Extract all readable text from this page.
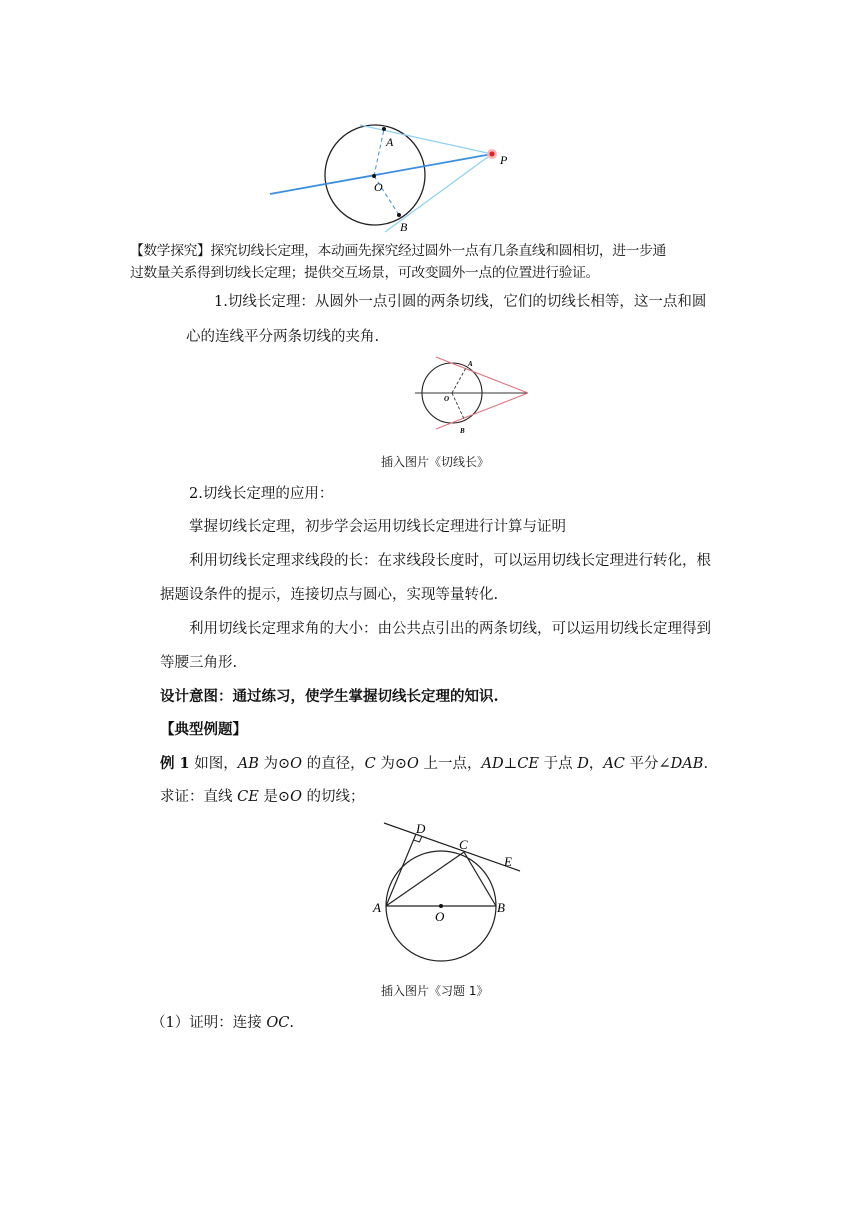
A
O
B
P
【数学探究】探究切线长定理，本动画先探究经过圆外一点有几条直线和圆相切，进一步通
过数量关系得到切线长定理；提供交互场景，可改变圆外一点的位置进行验证。
1.切线长定理：从圆外一点引圆的两条切线，它们的切线长相等，这一点和圆
心的连线平分两条切线的夹角.
A
O
B
插入图片《切线长》
2.切线长定理的应用：
掌握切线长定理，初步学会运用切线长定理进行计算与证明
利用切线长定理求线段的长：在求线段长度时，可以运用切线长定理进行转化，根
据题设条件的提示，连接切点与圆心，实现等量转化.
利用切线长定理求角的大小：由公共点引出的两条切线，可以运用切线长定理得到
等腰三角形.
设计意图：通过练习，使学生掌握切线长定理的知识.
【典型例题】
例 1 如图，AB 为⊙O 的直径，C 为⊙O 上一点，AD⊥CE 于点 D，AC 平分∠DAB.
求证：直线 CE 是⊙O 的切线；
D
C
E
A
O
B
插入图片《习题 1》
（1）证明：连接 OC.
